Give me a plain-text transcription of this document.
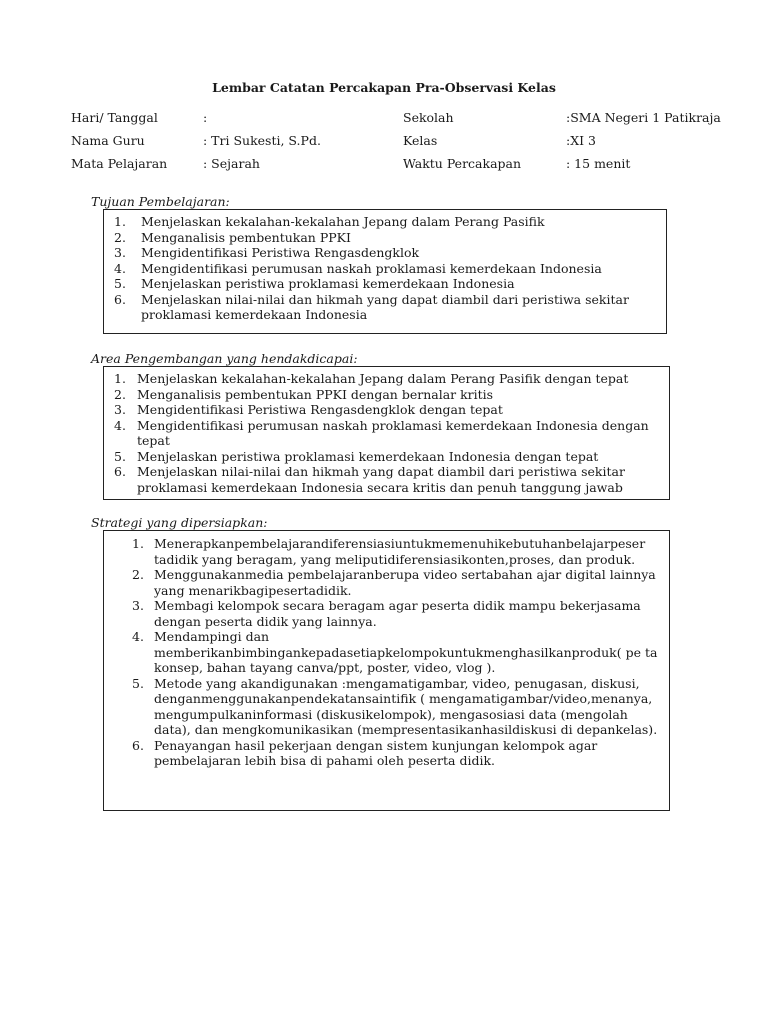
Lembar Catatan Percakapan Pra-Observasi Kelas
Hari/ Tanggal	:	Sekolah	:SMA Negeri 1 Patikraja
Nama Guru	: Tri Sukesti, S.Pd.	Kelas	:XI 3
Mata Pelajaran	: Sejarah	Waktu Percakapan	: 15 menit
Tujuan Pembelajaran:
1. Menjelaskan kekalahan-kekalahan Jepang dalam Perang Pasifik
2. Menganalisis pembentukan PPKI
3. Mengidentifikasi Peristiwa Rengasdengklok
4. Mengidentifikasi perumusan naskah proklamasi kemerdekaan Indonesia
5. Menjelaskan peristiwa proklamasi kemerdekaan Indonesia
6. Menjelaskan nilai-nilai dan hikmah yang dapat diambil dari peristiwa sekitar proklamasi kemerdekaan Indonesia
Area Pengembangan yang hendakdicapai:
1. Menjelaskan kekalahan-kekalahan Jepang dalam Perang Pasifik dengan tepat
2. Menganalisis pembentukan PPKI dengan bernalar kritis
3. Mengidentifikasi Peristiwa Rengasdengklok dengan tepat
4. Mengidentifikasi perumusan naskah proklamasi kemerdekaan Indonesia dengan tepat
5. Menjelaskan peristiwa proklamasi kemerdekaan Indonesia dengan tepat
6. Menjelaskan nilai-nilai dan hikmah yang dapat diambil dari peristiwa sekitar proklamasi kemerdekaan Indonesia secara kritis dan penuh tanggung jawab
Strategi yang dipersiapkan:
1. Menerapkanpembelajarandiferensiasiuntukmemenuhikebutuhanbelajarpeser tadidik yang beragam, yang meliputidiferensiasikonten,proses, dan produk.
2. Menggunakanmedia pembelajaranberupa video sertabahan ajar digital lainnya yang menarikbagipesertadidik.
3. Membagi kelompok secara beragam agar peserta didik mampu bekerjasama dengan peserta didik yang lainnya.
4. Mendampingi dan memberikanbimbingankepadasetiapkelompokuntukmenghasilkanproduk( pe ta konsep, bahan tayang canva/ppt, poster, video, vlog ).
5. Metode yang akandigunakan :mengamatigambar, video, penugasan, diskusi, denganmenggunakanpendekatansaintifik ( mengamatigambar/video,menanya, mengumpulkaninformasi (diskusikelompok), mengasosiasi data (mengolah data), dan mengkomunikasikan (mempresentasikanhasildiskusi di depankelas).
6. Penayangan hasil pekerjaan dengan sistem kunjungan kelompok agar pembelajaran lebih bisa di pahami oleh peserta didik.
